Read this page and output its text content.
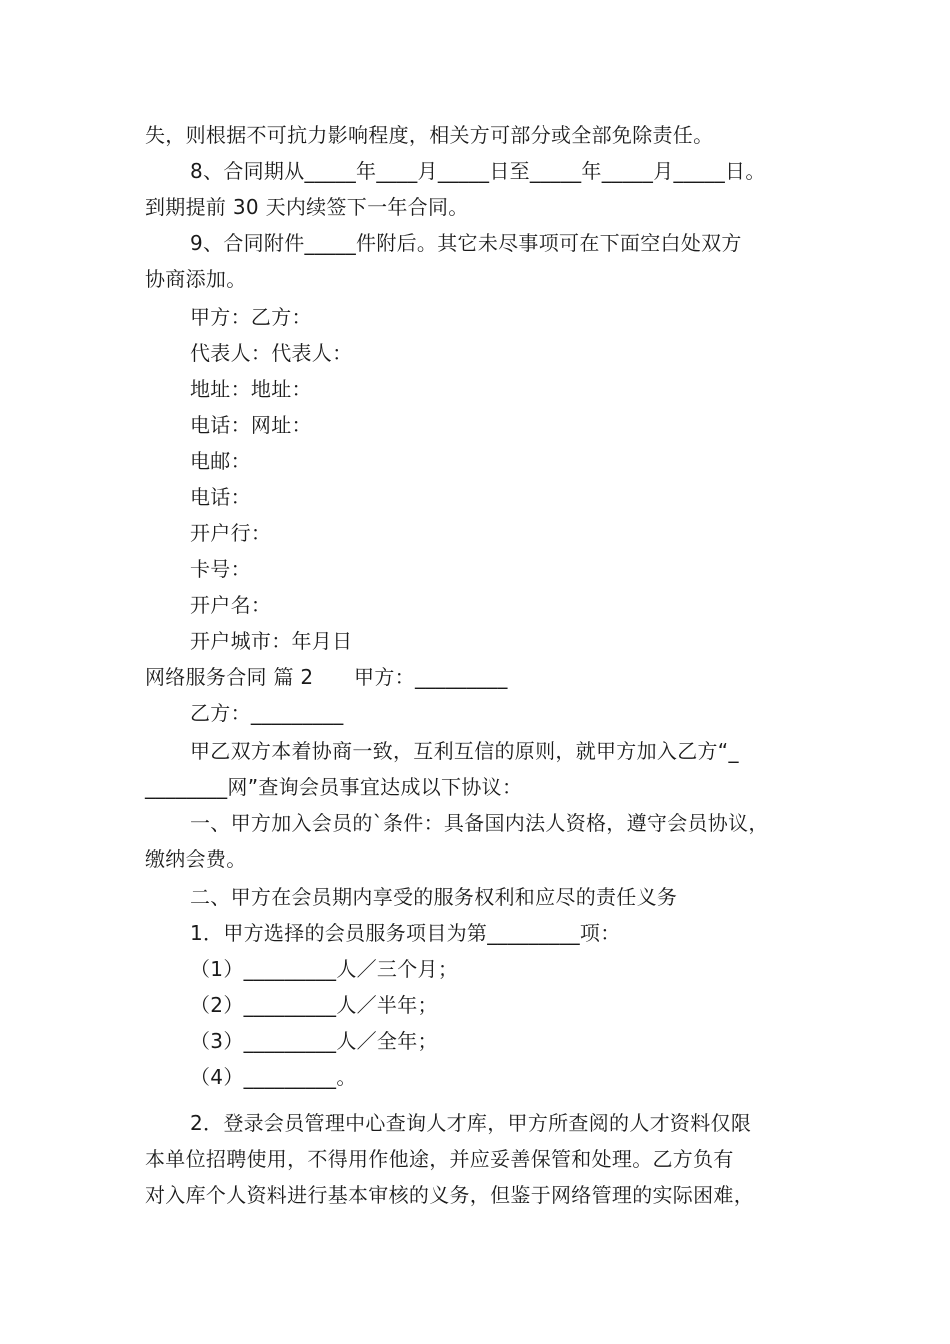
失，则根据不可抗力影响程度，相关方可部分或全部免除责任。
8、合同期从_____年____月_____日至_____年_____月_____日。
到期提前 30 天内续签下一年合同。
9、合同附件_____件附后。其它未尽事项可在下面空白处双方
协商添加。
甲方：乙方：
代表人：代表人：
地址：地址：
电话：网址：
电邮：
电话：
开户行：
卡号：
开户名：
开户城市：年月日
网络服务合同 篇 2　　甲方：_________
乙方：_________
甲乙双方本着协商一致，互利互信的原则，就甲方加入乙方“_
________网”查询会员事宜达成以下协议：
一、甲方加入会员的`条件：具备国内法人资格，遵守会员协议，
缴纳会费。
二、甲方在会员期内享受的服务权利和应尽的责任义务
1．甲方选择的会员服务项目为第_________项：
（1）_________人／三个月；
（2）_________人／半年；
（3）_________人／全年；
（4）_________。
2．登录会员管理中心查询人才库，甲方所查阅的人才资料仅限
本单位招聘使用，不得用作他途，并应妥善保管和处理。乙方负有
对入库个人资料进行基本审核的义务，但鉴于网络管理的实际困难，
